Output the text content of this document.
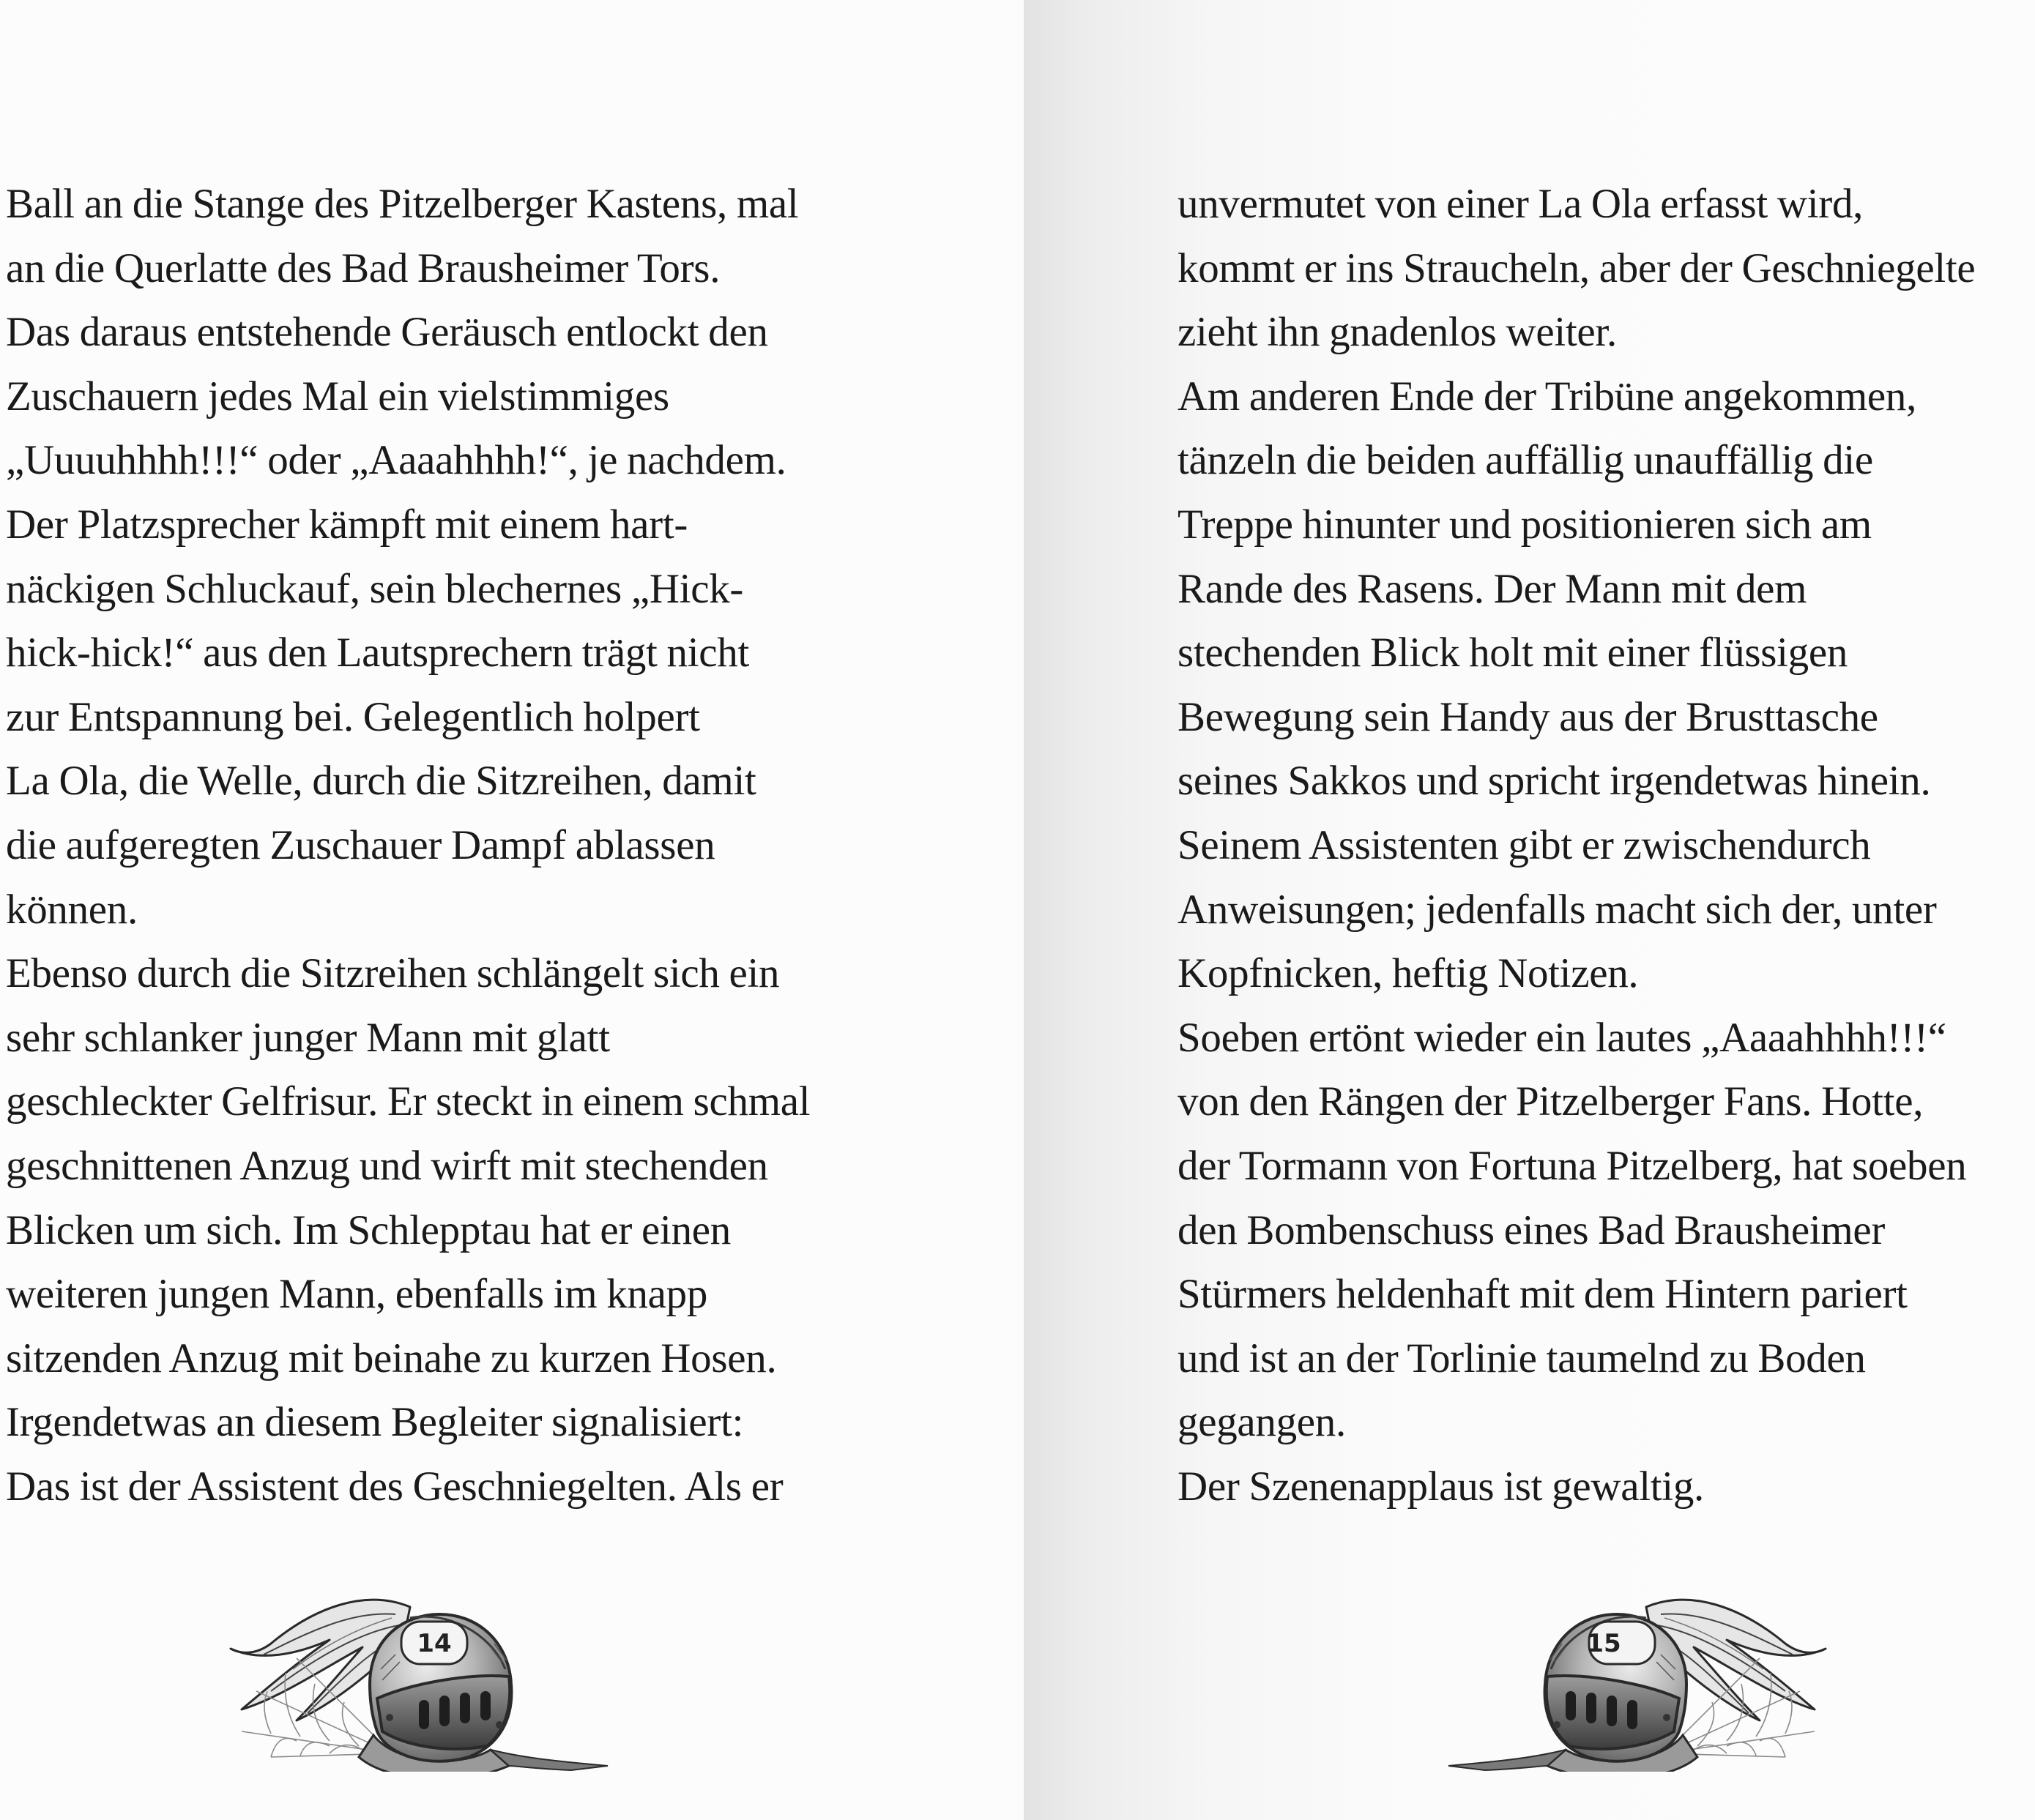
Ball an die Stange des Pitzelberger Kastens, mal
an die Querlatte des Bad Brausheimer Tors.
Das daraus entstehende Geräusch entlockt den
Zuschauern jedes Mal ein vielstimmiges
„Uuuuhhhh!!!“ oder „Aaaahhhh!“, je nachdem.
Der Platzsprecher kämpft mit einem hart-
näckigen Schluckauf, sein blechernes „Hick-
hick-hick!“ aus den Lautsprechern trägt nicht
zur Entspannung bei. Gelegentlich holpert
La Ola, die Welle, durch die Sitzreihen, damit
die aufgeregten Zuschauer Dampf ablassen
können.
Ebenso durch die Sitzreihen schlängelt sich ein
sehr schlanker junger Mann mit glatt
geschleckter Gelfrisur. Er steckt in einem schmal
geschnittenen Anzug und wirft mit stechenden
Blicken um sich. Im Schlepptau hat er einen
weiteren jungen Mann, ebenfalls im knapp
sitzenden Anzug mit beinahe zu kurzen Hosen.
Irgendetwas an diesem Begleiter signalisiert:
Das ist der Assistent des Geschniegelten. Als er
14
unvermutet von einer La Ola erfasst wird,
kommt er ins Straucheln, aber der Geschniegelte
zieht ihn gnadenlos weiter.
Am anderen Ende der Tribüne angekommen,
tänzeln die beiden auffällig unauffällig die
Treppe hinunter und positionieren sich am
Rande des Rasens. Der Mann mit dem
stechenden Blick holt mit einer flüssigen
Bewegung sein Handy aus der Brusttasche
seines Sakkos und spricht irgendetwas hinein.
Seinem Assistenten gibt er zwischendurch
Anweisungen; jedenfalls macht sich der, unter
Kopfnicken, heftig Notizen.
Soeben ertönt wieder ein lautes „Aaaahhhh!!!“
von den Rängen der Pitzelberger Fans. Hotte,
der Tormann von Fortuna Pitzelberg, hat soeben
den Bombenschuss eines Bad Brausheimer
Stürmers heldenhaft mit dem Hintern pariert
und ist an der Torlinie taumelnd zu Boden
gegangen.
Der Szenenapplaus ist gewaltig.
15
